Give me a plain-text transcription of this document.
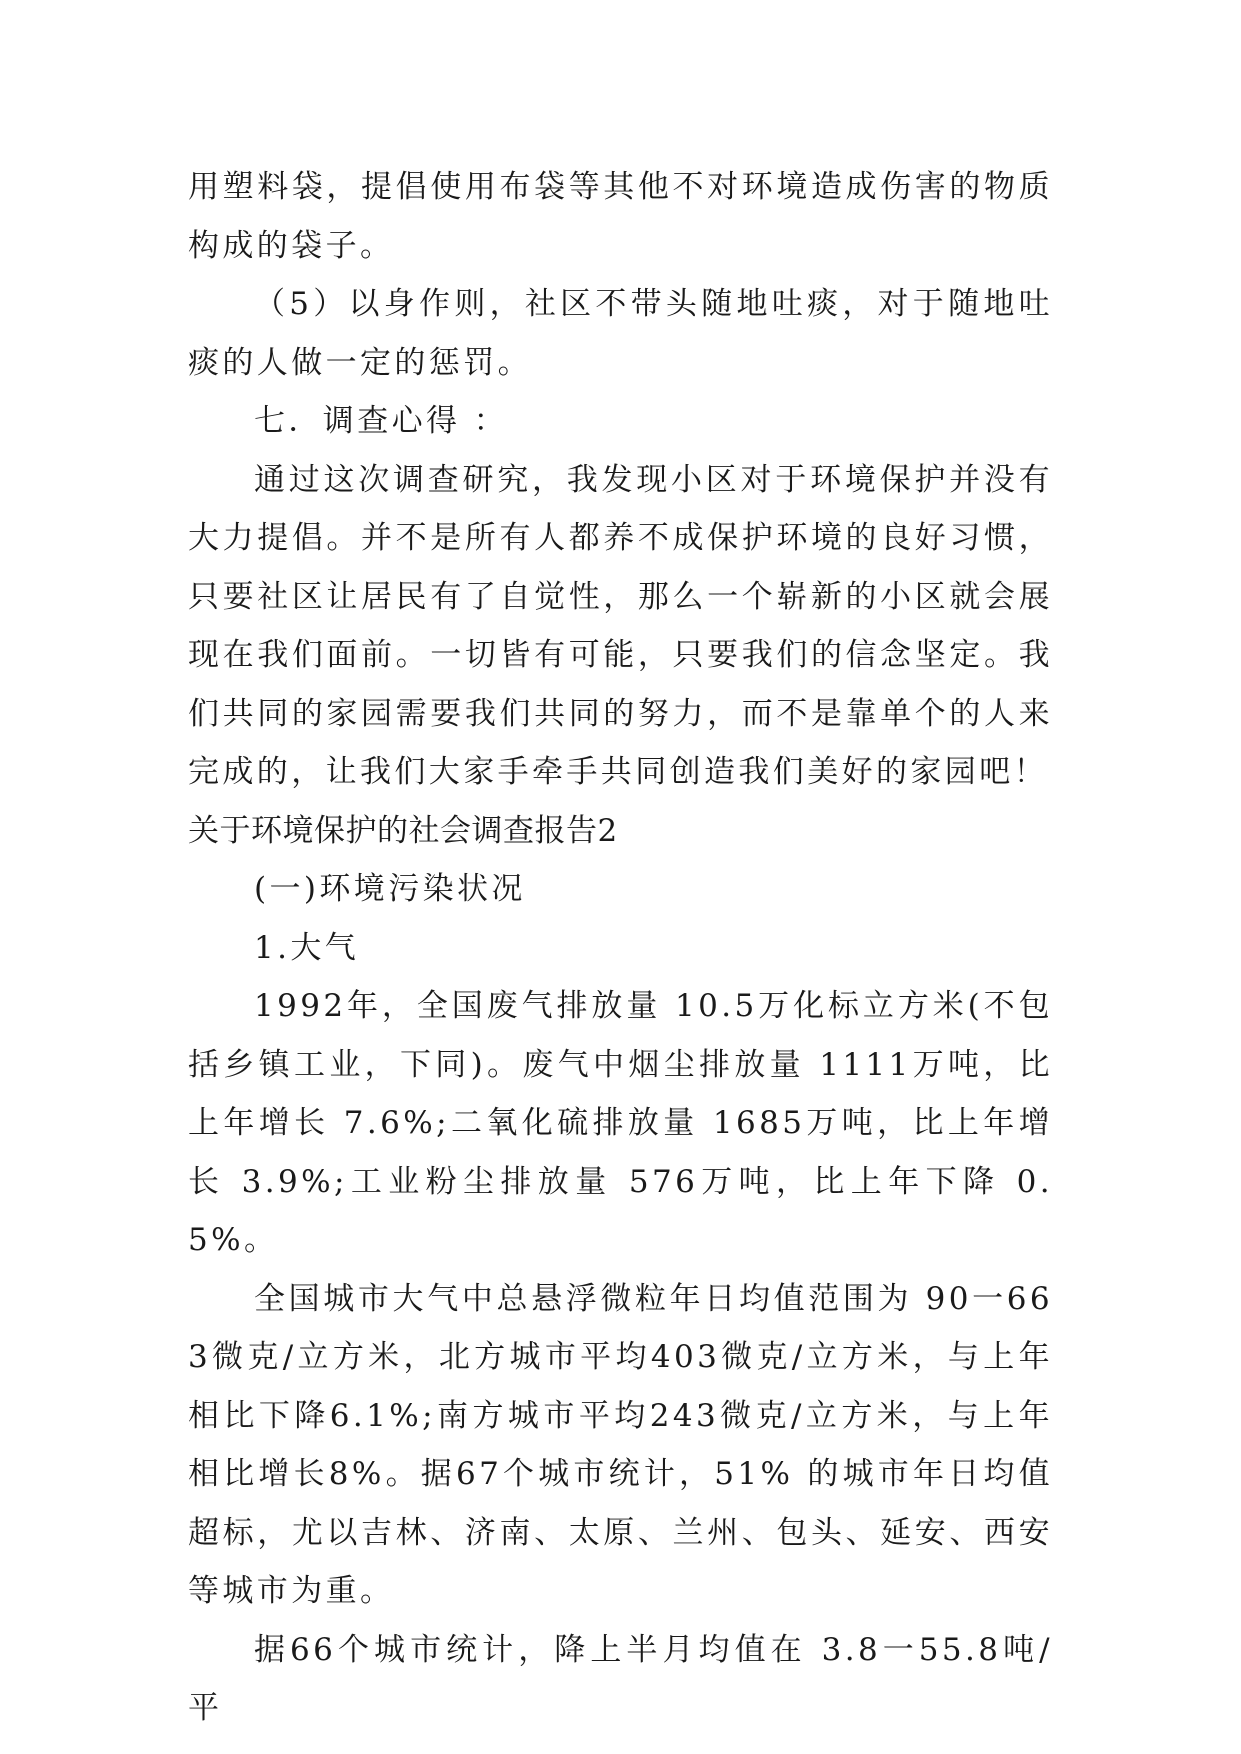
用塑料袋，提倡使用布袋等其他不对环境造成伤害的物质构成的袋子。

（5）以身作则，社区不带头随地吐痰，对于随地吐痰的人做一定的惩罚。

七．调查心得 ：

通过这次调查研究，我发现小区对于环境保护并没有大力提倡。并不是所有人都养不成保护环境的良好习惯，只要社区让居民有了自觉性，那么一个崭新的小区就会展现在我们面前。一切皆有可能，只要我们的信念坚定。我们共同的家园需要我们共同的努力，而不是靠单个的人来完成的，让我们大家手牵手共同创造我们美好的家园吧！

关于环境保护的社会调查报告2

(一)环境污染状况

1.大气

1992年，全国废气排放量 10.5万化标立方米(不包括乡镇工业，下同)。废气中烟尘排放量 1111万吨，比上年增长 7.6%;二氧化硫排放量 1685万吨，比上年增长 3.9%;工业粉尘排放量 576万吨，比上年下降 0.5%。

全国城市大气中总悬浮微粒年日均值范围为 90一663微克/立方米，北方城市平均403微克/立方米，与上年相比下降6.1%;南方城市平均243微克/立方米，与上年相比增长8%。据67个城市统计，51% 的城市年日均值超标，尤以吉林、济南、太原、兰州、包头、延安、西安等城市为重。

据66个城市统计，降上半月均值在 3.8一55.8吨/平
